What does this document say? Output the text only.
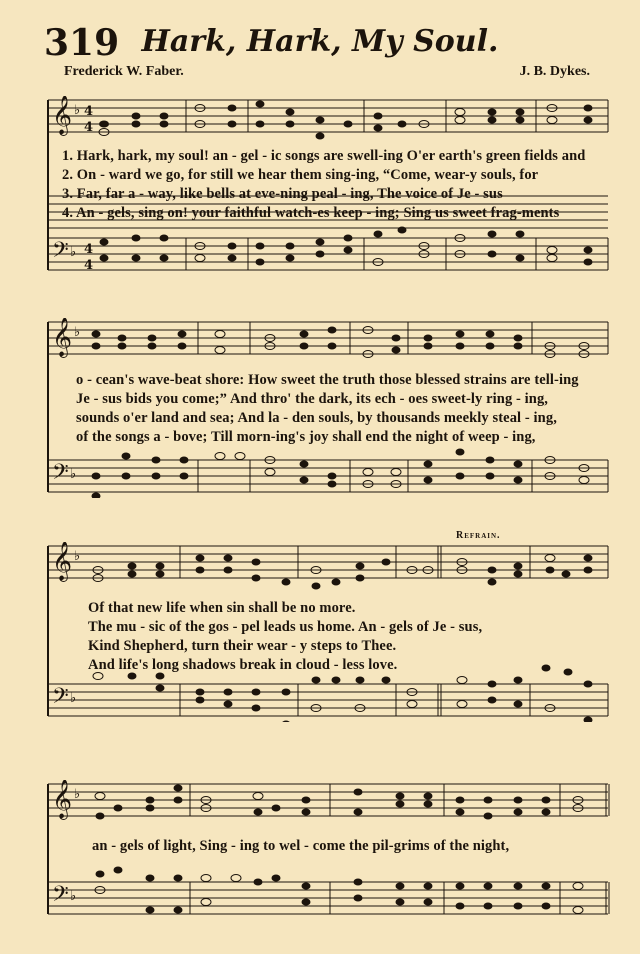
319 Hark, Hark, My Soul.
Frederick W. Faber.	J. B. Dykes.
𝄞
𝄢
♭
♭
4
4
4
4
1. Hark, hark, my soul! an - gel - ic songs are swell-ing O'er earth's green fields and
2. On - ward we go, for still we hear them sing-ing, “Come, wear-y souls, for
3. Far, far a - way, like bells at eve-ning peal - ing, The voice of Je - sus
4. An - gels, sing on! your faithful watch-es keep - ing; Sing us sweet frag-ments
𝄞
𝄢
♭
♭
o - cean's wave-beat shore: How sweet the truth those blessed strains are tell-ing
Je - sus bids you come;” And thro' the dark, its ech - oes sweet-ly ring - ing,
sounds o'er land and sea; And la - den souls, by thousands meekly steal - ing,
of the songs a - bove; Till morn-ing's joy shall end the night of weep - ing,
Refrain.
𝄞
𝄢
♭
♭
Of that new life when sin shall be no more.
The mu - sic of the gos - pel leads us home. An - gels of Je - sus,
Kind Shepherd, turn their wear - y steps to Thee.
And life's long shadows break in cloud - less love.
𝄞
𝄢
♭
♭
an - gels of light, Sing - ing to wel - come the pil-grims of the night,
